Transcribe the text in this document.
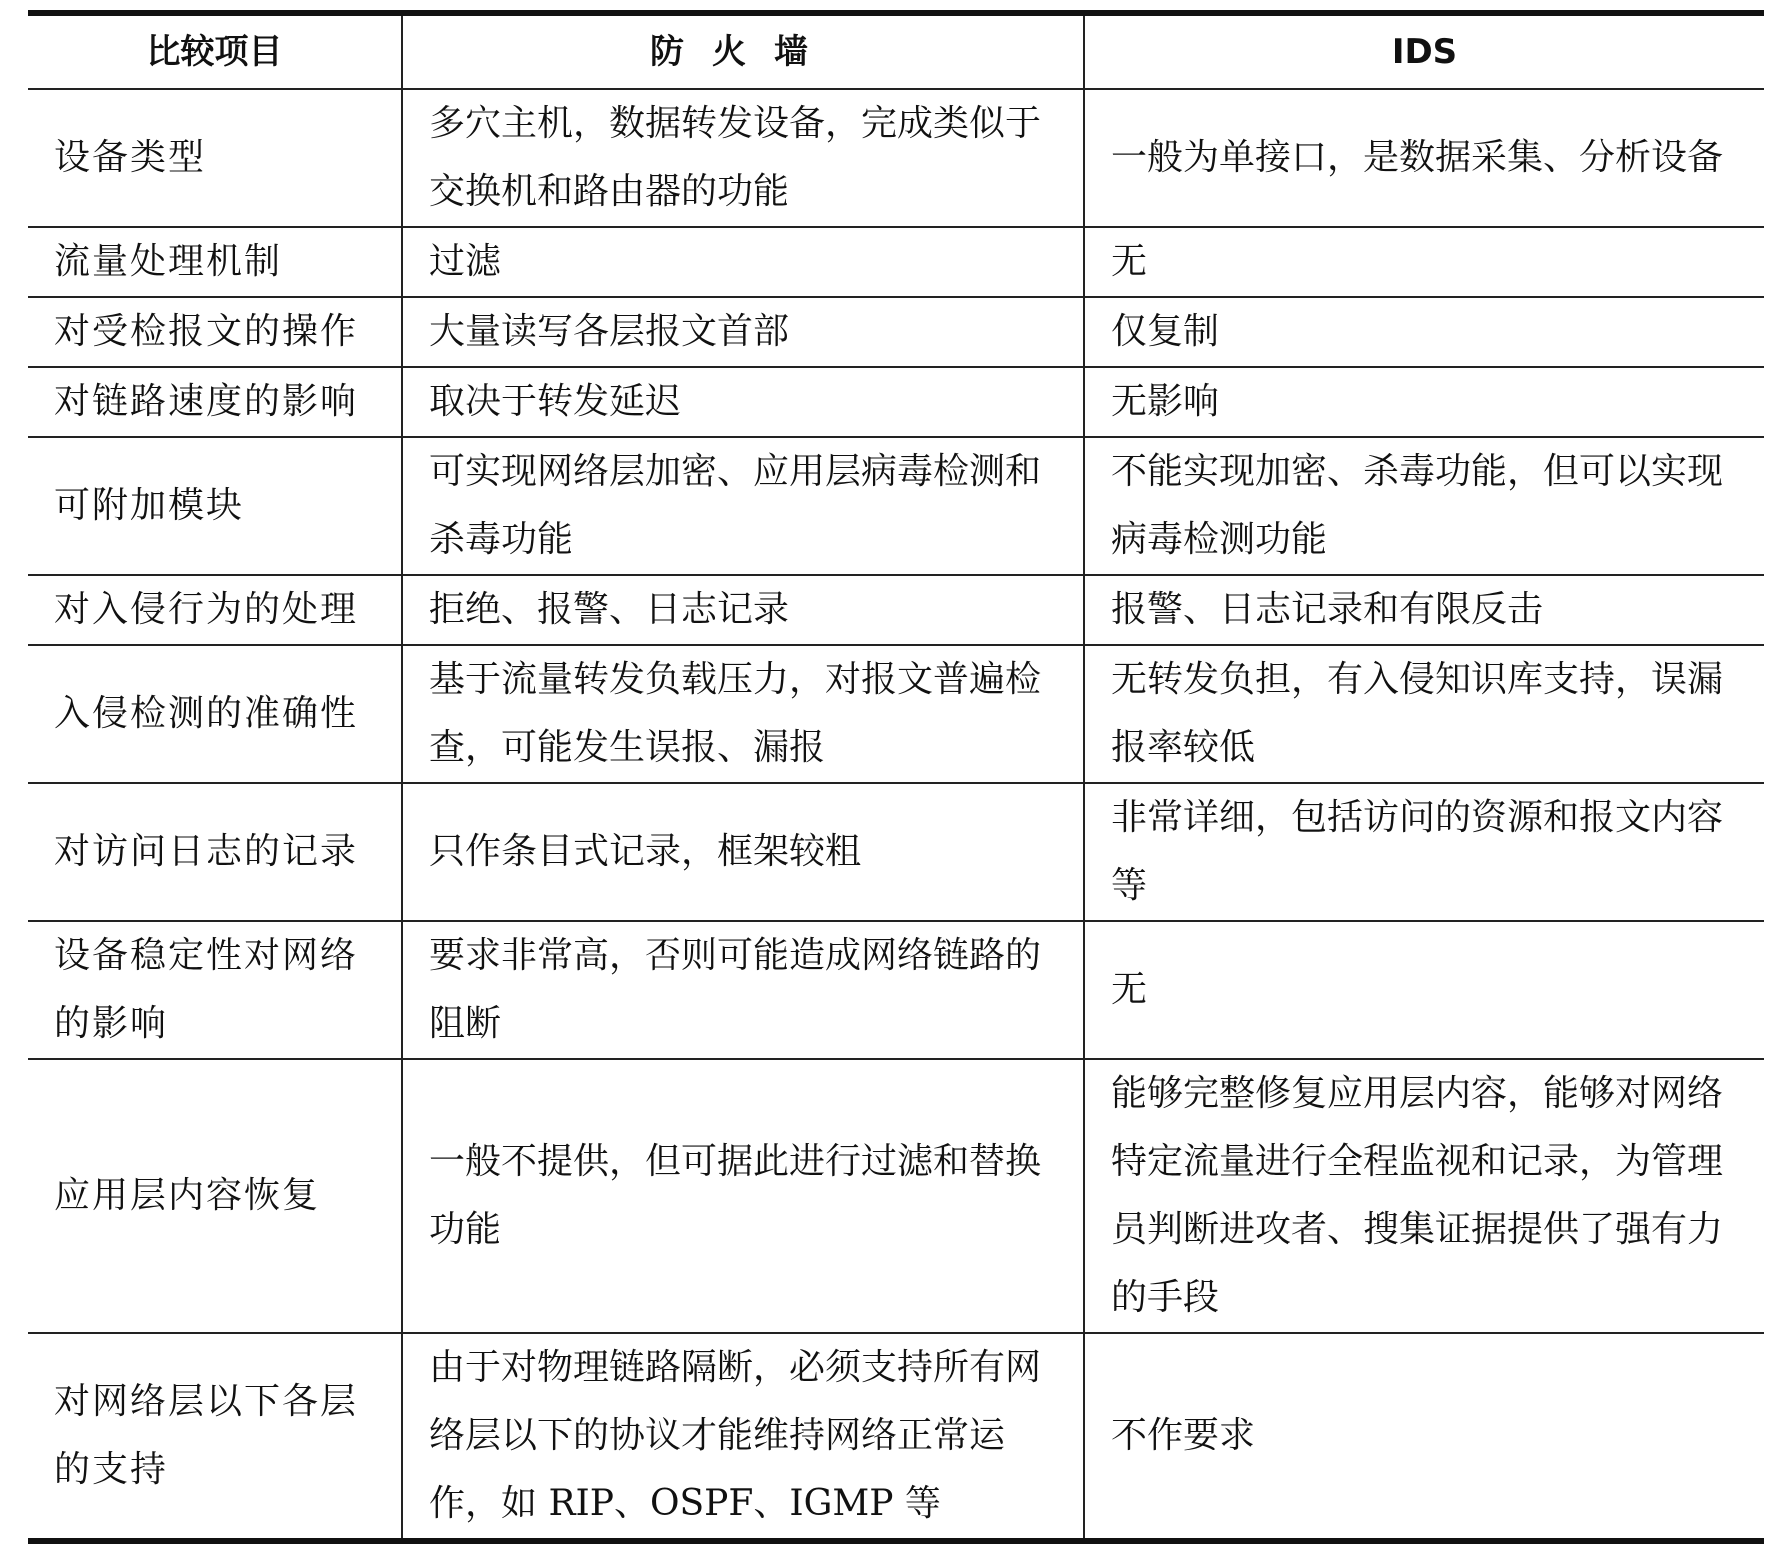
比较项目	防火墙	IDS
设备类型	多穴主机，数据转发设备，完成类似于交换机和路由器的功能	一般为单接口，是数据采集、分析设备
流量处理机制	过滤	无
对受检报文的操作	大量读写各层报文首部	仅复制
对链路速度的影响	取决于转发延迟	无影响
可附加模块	可实现网络层加密、应用层病毒检测和杀毒功能	不能实现加密、杀毒功能，但可以实现病毒检测功能
对入侵行为的处理	拒绝、报警、日志记录	报警、日志记录和有限反击
入侵检测的准确性	基于流量转发负载压力，对报文普遍检查，可能发生误报、漏报	无转发负担，有入侵知识库支持，误漏报率较低
对访问日志的记录	只作条目式记录，框架较粗	非常详细，包括访问的资源和报文内容等
设备稳定性对网络的影响	要求非常高，否则可能造成网络链路的阻断	无
应用层内容恢复	一般不提供，但可据此进行过滤和替换功能	能够完整修复应用层内容，能够对网络特定流量进行全程监视和记录，为管理员判断进攻者、搜集证据提供了强有力的手段
对网络层以下各层的支持	由于对物理链路隔断，必须支持所有网络层以下的协议才能维持网络正常运作，如 RIP、OSPF、IGMP 等	不作要求
